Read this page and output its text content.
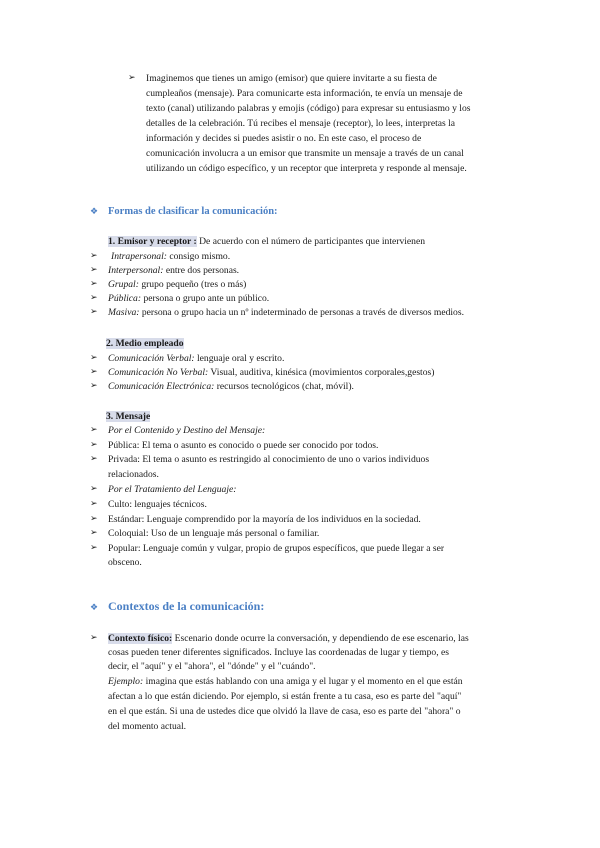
➢ Imaginemos que tienes un amigo (emisor) que quiere invitarte a su fiesta de
cumpleaños (mensaje). Para comunicarte esta información, te envía un mensaje de
texto (canal) utilizando palabras y emojis (código) para expresar su entusiasmo y los
detalles de la celebración. Tú recibes el mensaje (receptor), lo lees, interpretas la
información y decides si puedes asistir o no. En este caso, el proceso de
comunicación involucra a un emisor que transmite un mensaje a través de un canal
utilizando un código específico, y un receptor que interpreta y responde al mensaje.
❖ Formas de clasificar la comunicación:
1. Emisor y receptor : De acuerdo con el número de participantes que intervienen
➢ Intrapersonal: consigo mismo.
➢ Interpersonal: entre dos personas.
➢ Grupal: grupo pequeño (tres o más)
➢ Pública: persona o grupo ante un público.
➢ Masiva: persona o grupo hacia un nº indeterminado de personas a través de diversos medios.
2. Medio empleado
➢ Comunicación Verbal: lenguaje oral y escrito.
➢ Comunicación No Verbal: Visual, auditiva, kinésica (movimientos corporales,gestos)
➢ Comunicación Electrónica: recursos tecnológicos (chat, móvil).
3. Mensaje
➢ Por el Contenido y Destino del Mensaje:
➢ Pública: El tema o asunto es conocido o puede ser conocido por todos.
➢ Privada: El tema o asunto es restringido al conocimiento de uno o varios individuos
relacionados.
➢ Por el Tratamiento del Lenguaje:
➢ Culto: lenguajes técnicos.
➢ Estándar: Lenguaje comprendido por la mayoría de los individuos en la sociedad.
➢ Coloquial: Uso de un lenguaje más personal o familiar.
➢ Popular: Lenguaje común y vulgar, propio de grupos específicos, que puede llegar a ser
obsceno.
❖ Contextos de la comunicación:
➢ Contexto físico: Escenario donde ocurre la conversación, y dependiendo de ese escenario, las
cosas pueden tener diferentes significados. Incluye las coordenadas de lugar y tiempo, es
decir, el "aquí" y el "ahora", el "dónde" y el "cuándo".
Ejemplo: imagina que estás hablando con una amiga y el lugar y el momento en el que están
afectan a lo que están diciendo. Por ejemplo, si están frente a tu casa, eso es parte del "aquí"
en el que están. Si una de ustedes dice que olvidó la llave de casa, eso es parte del "ahora" o
del momento actual.
